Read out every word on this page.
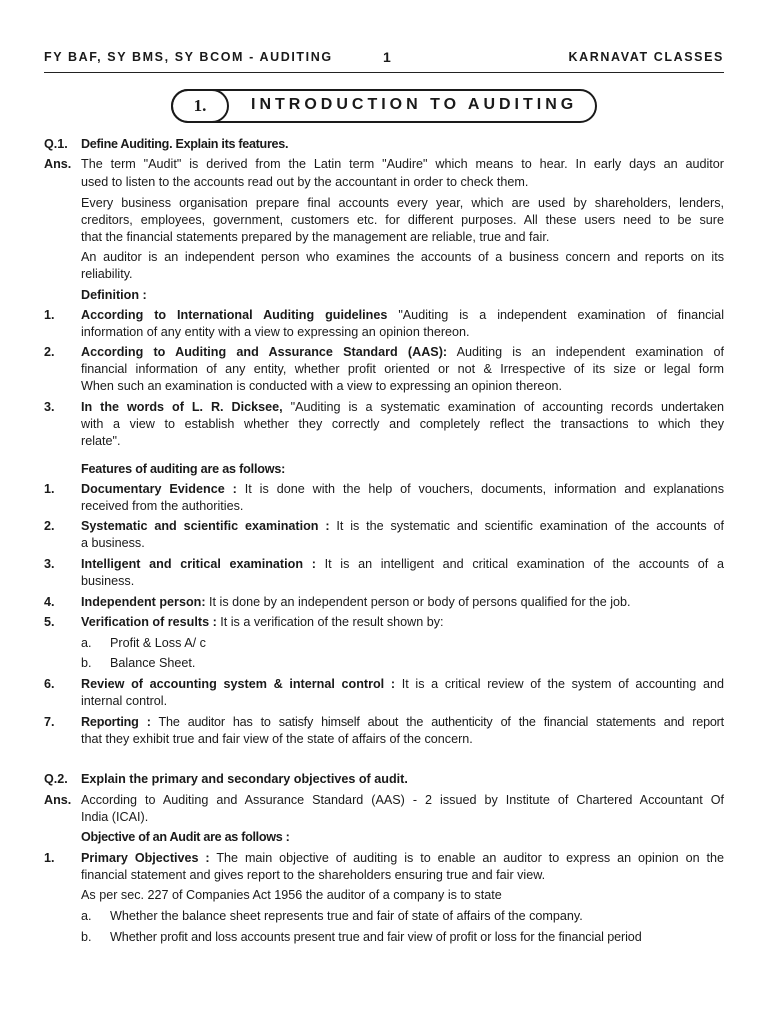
FY BAF, SY BMS, SY BCOM - AUDITING	1	KARNAVAT CLASSES
1.	INTRODUCTION TO AUDITING
Q.1. Define Auditing. Explain its features.
Ans. The term "Audit" is derived from the Latin term "Audire" which means to hear. In early days an auditor
used to listen to the accounts read out by the accountant in order to check them.
Every business organisation prepare final accounts every year, which are used by shareholders, lenders,
creditors, employees, government, customers etc. for different purposes. All these users need to be sure
that the financial statements prepared by the management are reliable, true and fair.
An auditor is an independent person who examines the accounts of a business concern and reports on its
reliability.
Definition :
1. According to International Auditing guidelines "Auditing is a independent examination of financial
information of any entity with a view to expressing an opinion thereon.
2. According to Auditing and Assurance Standard (AAS): Auditing is an independent examination of
financial information of any entity, whether profit oriented or not & Irrespective of its size or legal form
When such an examination is conducted with a view to expressing an opinion thereon.
3. In the words of L. R. Dicksee, "Auditing is a systematic examination of accounting records undertaken
with a view to establish whether they correctly and completely reflect the transactions to which they
relate".
Features of auditing are as follows:
1. Documentary Evidence : It is done with the help of vouchers, documents, information and explanations
received from the authorities.
2. Systematic and scientific examination : It is the systematic and scientific examination of the accounts of
a business.
3. Intelligent and critical examination : It is an intelligent and critical examination of the accounts of a
business.
4. Independent person: It is done by an independent person or body of persons qualified for the job.
5. Verification of results : It is a verification of the result shown by:
a. Profit & Loss A/ c
b. Balance Sheet.
6. Review of accounting system & internal control : It is a critical review of the system of accounting and
internal control.
7. Reporting : The auditor has to satisfy himself about the authenticity of the financial statements and report
that they exhibit true and fair view of the state of affairs of the concern.
Q.2. Explain the primary and secondary objectives of audit.
Ans. According to Auditing and Assurance Standard (AAS) - 2 issued by Institute of Chartered Accountant Of
India (ICAI).
Objective of an Audit are as follows :
1. Primary Objectives : The main objective of auditing is to enable an auditor to express an opinion on the
financial statement and gives report to the shareholders ensuring true and fair view.
As per sec. 227 of Companies Act 1956 the auditor of a company is to state
a. Whether the balance sheet represents true and fair of state of affairs of the company.
b. Whether profit and loss accounts present true and fair view of profit or loss for the financial period
